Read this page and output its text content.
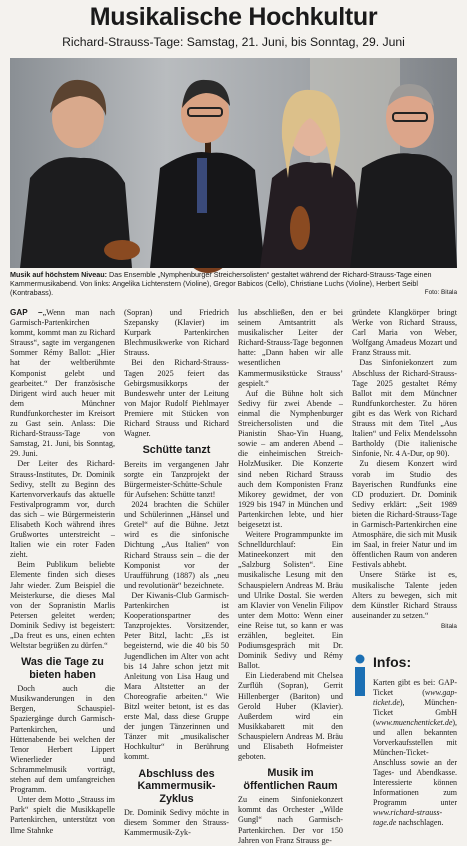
Musikalische Hochkultur
Richard-Strauss-Tage: Samstag, 21. Juni, bis Sonntag, 29. Juni
Musik auf höchstem Niveau: Das Ensemble „Nymphenburger Streichersolisten“ gestaltet während der Richard-Strauss-Tage einen Kammermusikabend. Von links: Angelika Lichtenstern (Violine), Gregor Babicos (Cello), Christiane Luchs (Violine), Herbert Seibl (Kontrabass).	Foto: Bitala

GAP –„Wenn man nach Garmisch-Partenkirchen kommt, kommt man zu Richard Strauss“, sagte im vergangenen Sommer Rémy Ballot: „Hier hat der weltberühmte Komponist gelebt und gearbeitet.“ Der französische Dirigent wird auch heuer mit dem Münchner Rundfunkorchester im Kreisort zu Gast sein. Anlass: Die Richard-Strauss-Tage von Samstag, 21. Juni, bis Sonntag, 29. Juni.

Der Leiter des Richard-Strauss-Institutes, Dr. Dominik Sedivy, stellt zu Beginn des Kartenvorverkaufs das aktuelle Festivalprogramm vor, durch das sich – wie Bürgermeisterin Elisabeth Koch während ihres Grußwortes unterstreicht – Italien wie ein roter Faden zieht.

Beim Publikum beliebte Elemente finden sich dieses Jahr wieder. Zum Beispiel die Meisterkurse, die dieses Mal von der Sopranistin Marlis Petersen geleitet werden; Dominik Sedivy ist begeistert: „Da freut es uns, einen echten Weltstar begrüßen zu dürfen.“

Was die Tage zu bieten haben

Doch auch die Musikwanderungen in den Bergen, Schauspiel-Spaziergänge durch Garmisch-Partenkirchen, und Hüttenabende bei welchen der Tenor Herbert Lippert Wienerlieder und Schrammelmusik vorträgt, stehen auf dem umfangreichen Programm.

Unter dem Motto „Strauss im Park“ spielt die Musikkapelle Partenkirchen, unterstützt von Ilme Stahnke

(Sopran) und Friedrich Szepansky (Klavier) im Kurpark Partenkirchen Blechmusikwerke von Richard Strauss.

Bei den Richard-Strauss-Tagen 2025 feiert das Gebirgsmusikkorps der Bundeswehr unter der Leitung von Major Rudolf Piehlmayer Premiere mit Stücken von Richard Strauss und Richard Wagner.

Schütte tanzt

Bereits im vergangenen Jahr sorgte ein Tanzprojekt der Bürgermeister-Schütte-Schule für Aufsehen: Schütte tanzt!

2024 brachten die Schüler und Schülerinnen „Hänsel und Gretel“ auf die Bühne. Jetzt wird es die sinfonische Dichtung „Aus Italien“ von Richard Strauss sein – die der Komponist vor der Uraufführung (1887) als „neu und revolutionär“ bezeichnete.

Der Kiwanis-Club Garmisch-Partenkirchen ist Kooperationspartner des Tanzprojektes. Vorsitzender, Peter Bitzl, lacht: „Es ist begeisternd, wie die 40 bis 50 Jugendlichen im Alter von acht bis 14 Jahre schon jetzt mit Anleitung von Lisa Haug und Mara Altstetter an der Choreografie arbeiten.“ Wie Bitzl weiter betont, ist es das erste Mal, dass diese Gruppe der jungen Tänzerinnen und Tänzer mit „musikalischer Hochkultur“ in Berührung kommt.

Abschluss des Kammermusik-Zyklus

Dr. Dominik Sedivy möchte in diesem Sommer den Strauss-Kammermusik-Zyk-

lus abschließen, den er bei seinem Amtsantritt als musikalischer Leiter der Richard-Strauss-Tage begonnen hatte: „Dann haben wir alle wesentlichen Kammermusikstücke Strauss’ gespielt.“

Auf die Bühne holt sich Sedivy für zwei Abende – einmal die Nymphenburger Streichersolisten und die Pianistin Shao-Yin Huang, sowie – am anderen Abend – die einheimischen Streich-HolzMusiker. Die Konzerte sind neben Richard Strauss auch dem Komponisten Franz Mikorey gewidmet, der von 1929 bis 1947 in München und Partenkirchen lebte, und hier beigesetzt ist.

Weitere Programmpunkte im Schnelldurchlauf: Ein Matineekonzert mit den „Salzburg Solisten“. Eine musikalische Lesung mit den Schauspielern Andreas M. Bräu und Ulrike Dostal. Sie werden am Klavier von Venelin Filipov unter dem Motto: Wenn einer eine Reise tut, so kann er was erzählen, begleitet. Ein Podiumsgespräch mit Dr. Dominik Sedivy und Rémy Ballot.

Ein Liederabend mit Chelsea Zurflüh (Sopran), Gerrit Hillenberger (Bariton) und Gerold Huber (Klavier). Außerdem wird ein Musikkabarett mit den Schauspielern Andreas M. Bräu und Elisabeth Hofmeister geboten.

Musik im öffentlichen Raum

Zu einem Sinfoniekonzert kommt das Orchester „Wilde Gungl“ nach Garmisch-Partenkirchen. Der vor 150 Jahren von Franz Strauss ge-

gründete Klangkörper bringt Werke von Richard Strauss, Carl Maria von Weber, Wolfgang Amadeus Mozart und Franz Strauss mit.

Das Sinfoniekonzert zum Abschluss der Richard-Strauss-Tage 2025 gestaltet Rémy Ballot mit dem Münchner Rundfunkorchester. Zu hören gibt es das Werk von Richard Strauss mit dem Titel „Aus Italien“ und Felix Mendelssohn Bartholdy (Die italienische Sinfonie, Nr. 4 A-Dur, op 90).

Zu diesem Konzert wird vorab im Studio des Bayerischen Rundfunks eine CD produziert. Dr. Dominik Sedivy erklärt: „Seit 1989 bieten die Richard-Strauss-Tage in Garmisch-Partenkirchen eine Atmosphäre, die sich mit Musik im Saal, in freier Natur und im öffentlichen Raum von anderen Festivals abhebt.

Unsere Stärke ist es, musikalische Talente jeden Alters zu bewegen, sich mit dem Künstler Richard Strauss auseinander zu setzen.“

Bitala
Infos:
Karten gibt es bei: GAP-Ticket (www.gap-ticket.de), München-Ticket GmbH (www.muenchenticket.de), und allen bekannten Vorverkaufsstellen mit München-Ticket-Anschluss sowie an der Tages- und Abendkasse. Interessierte können Informationen zum Programm unter www.richard-strauss-tage.de nachschlagen.
